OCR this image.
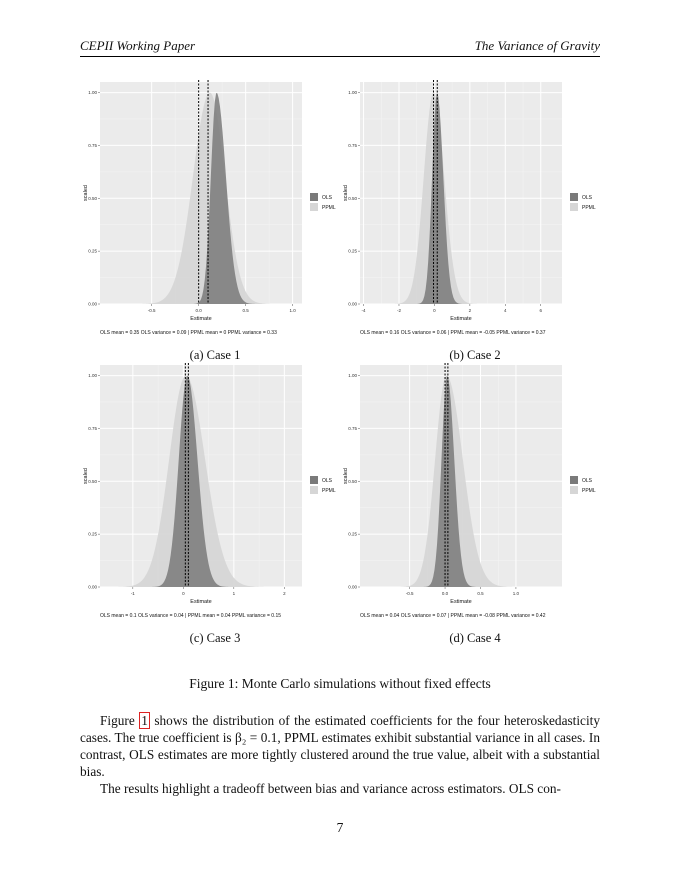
CEPII Working Paper	The Variance of Gravity
0.00
0.25
0.50
0.75
1.00
-0.5	0.0	0.5	1.0
Estimate
scaled	OLS
PPML
OLS mean = 0.35 OLS variance = 0.09 | PPML mean = 0 PPML variance = 0.33
(a) Case 1
0.00
0.25
0.50
0.75
1.00
-4	-2	0	2	4	6
Estimate
scaled	OLS
PPML
OLS mean = 0.16 OLS variance = 0.06 | PPML mean = -0.05 PPML variance = 0.37
(b) Case 2
0.00
0.25
0.50
0.75
1.00
-1	0	1	2
Estimate
scaled	OLS
PPML
OLS mean = 0.1 OLS variance = 0.04 | PPML mean = 0.04 PPML variance = 0.15
(c) Case 3
0.00
0.25
0.50
0.75
1.00
-0.5	0.0	0.5	1.0
Estimate
scaled	OLS
PPML
OLS mean = 0.04 OLS variance = 0.07 | PPML mean = -0.08 PPML variance = 0.42
(d) Case 4
Figure 1: Monte Carlo simulations without fixed effects

Figure 1 shows the distribution of the estimated coefficients for the four heteroskedasticity cases. The true coefficient is β₂ = 0.1, PPML estimates exhibit substantial variance in all cases. In contrast, OLS estimates are more tightly clustered around the true value, albeit with a substantial bias.

The results highlight a tradeoff between bias and variance across estimators. OLS con-

7
